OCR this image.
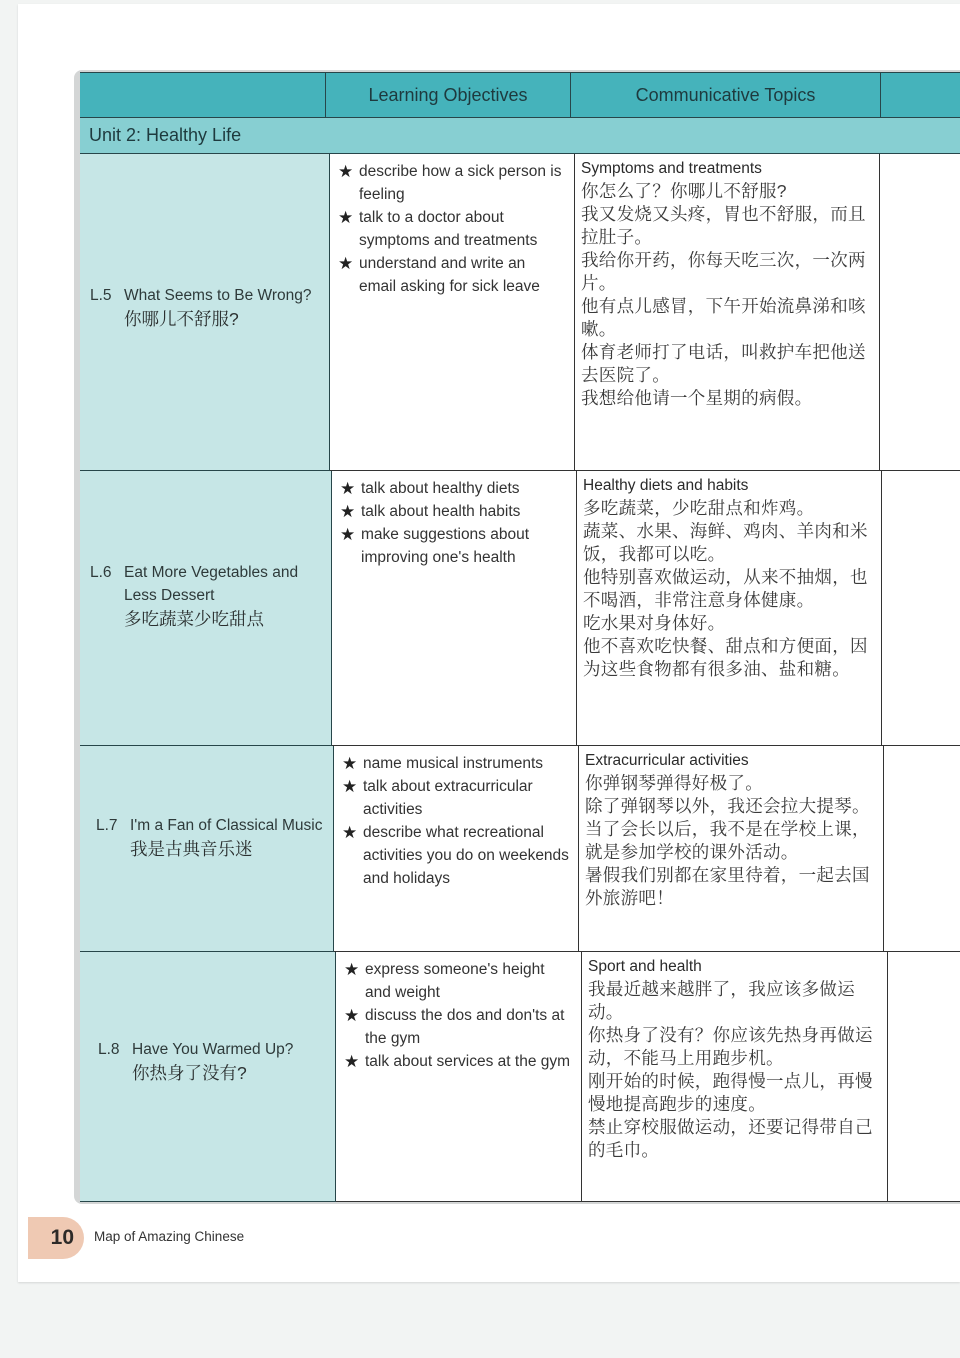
Learning Objectives	Communicative Topics
Unit 2: Healthy Life
L.5 What Seems to Be Wrong?
你哪儿不舒服?
★ describe how a sick person is feeling
★ talk to a doctor about symptoms and treatments
★ understand and write an email asking for sick leave
Symptoms and treatments
你怎么了？你哪儿不舒服?
我又发烧又头疼，胃也不舒服，而且拉肚子。
我给你开药，你每天吃三次，一次两片。
他有点儿感冒，下午开始流鼻涕和咳嗽。
体育老师打了电话，叫救护车把他送去医院了。
我想给他请一个星期的病假。
L.6 Eat More Vegetables and Less Dessert
多吃蔬菜少吃甜点
★ talk about healthy diets
★ talk about health habits
★ make suggestions about improving one's health
Healthy diets and habits
多吃蔬菜，少吃甜点和炸鸡。
蔬菜、水果、海鲜、鸡肉、羊肉和米饭，我都可以吃。
他特别喜欢做运动，从来不抽烟，也不喝酒，非常注意身体健康。
吃水果对身体好。
他不喜欢吃快餐、甜点和方便面，因为这些食物都有很多油、盐和糖。
L.7 I'm a Fan of Classical Music
我是古典音乐迷
★ name musical instruments
★ talk about extracurricular activities
★ describe what recreational activities you do on weekends and holidays
Extracurricular activities
你弹钢琴弹得好极了。
除了弹钢琴以外，我还会拉大提琴。
当了会长以后，我不是在学校上课，就是参加学校的课外活动。
暑假我们别都在家里待着，一起去国外旅游吧！
L.8 Have You Warmed Up?
你热身了没有?
★ express someone's height and weight
★ discuss the dos and don'ts at the gym
★ talk about services at the gym
Sport and health
我最近越来越胖了，我应该多做运动。
你热身了没有？你应该先热身再做运动，不能马上用跑步机。
刚开始的时候，跑得慢一点儿，再慢慢地提高跑步的速度。
禁止穿校服做运动，还要记得带自己的毛巾。
10	Map of Amazing Chinese
